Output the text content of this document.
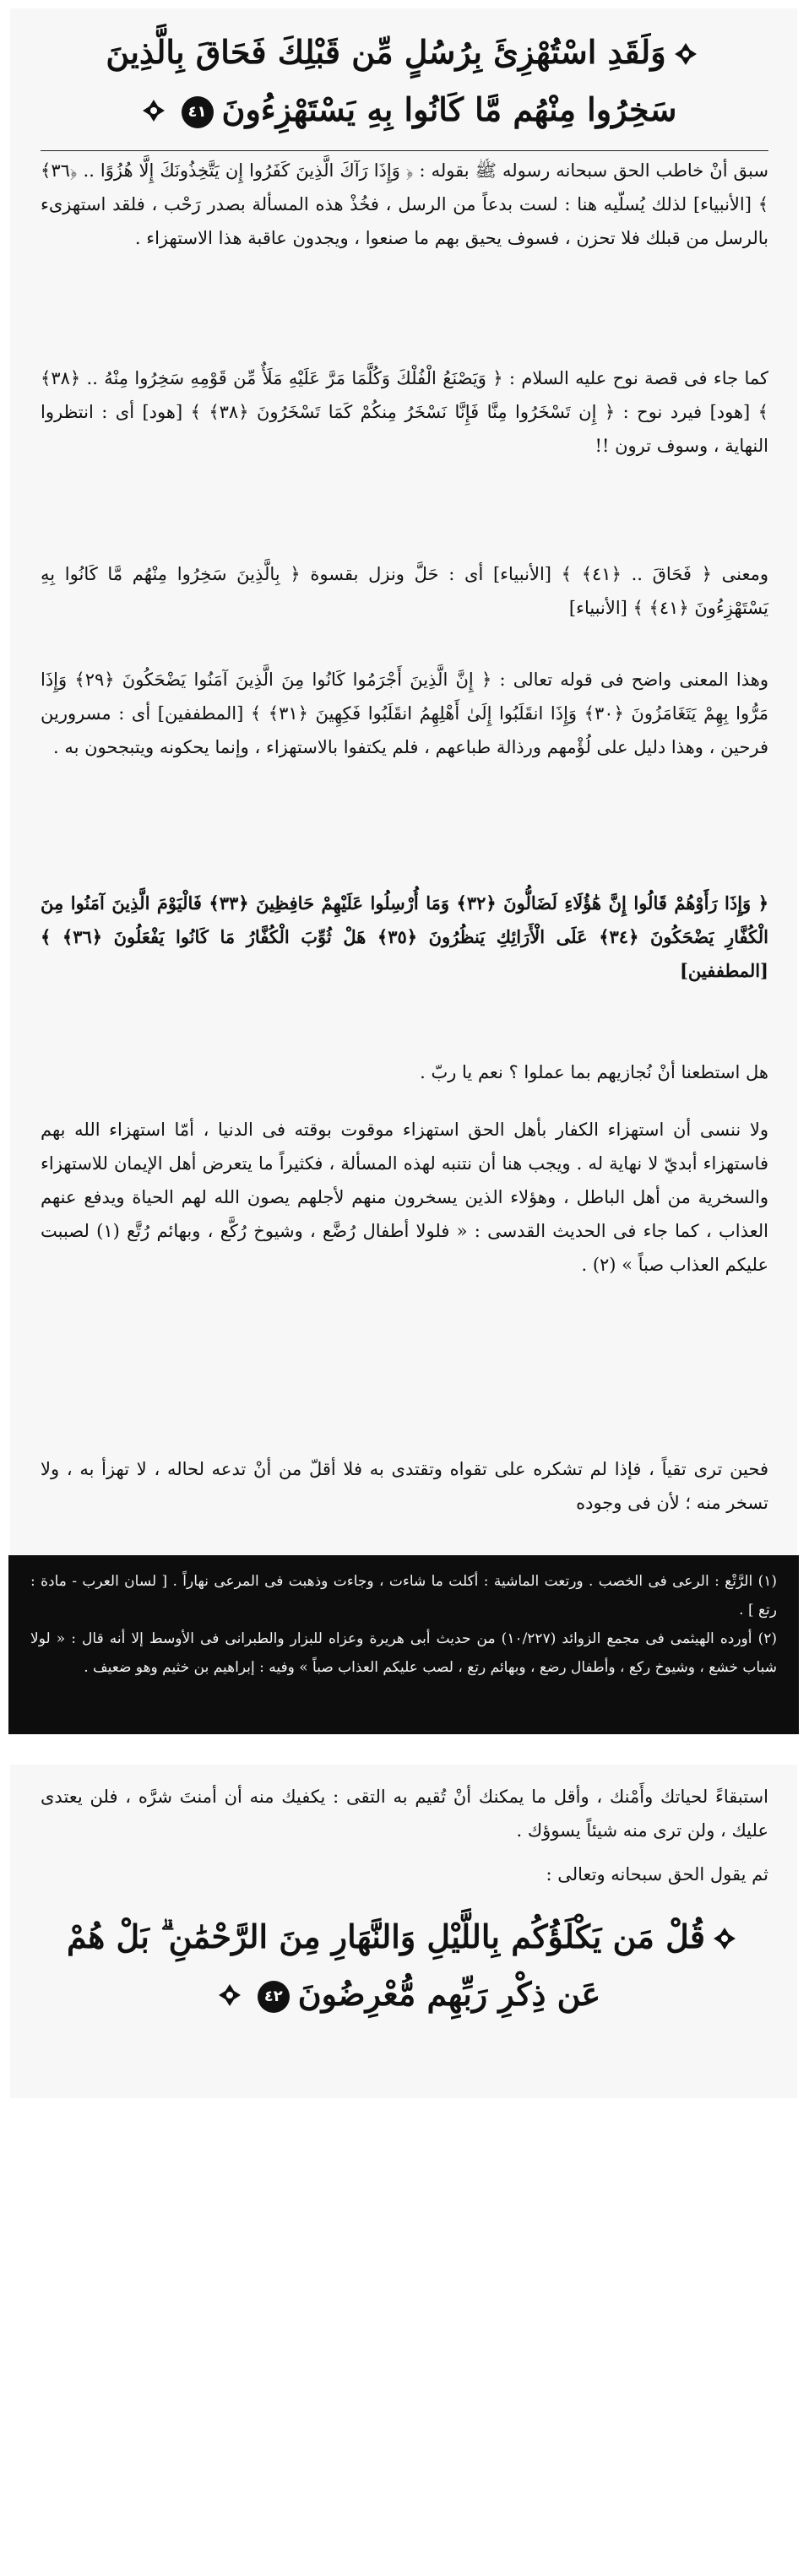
وَلَقَدِ اسْتُهْزِئَ بِرُسُلٍ مِّن قَبْلِكَ فَحَاقَ بِالَّذِينَ
سَخِرُوا مِنْهُم مَّا كَانُوا بِهِ يَسْتَهْزِءُونَ٤١

سبق أنْ خاطب الحق سبحانه رسوله ﷺ بقوله : ﴿ وَإِذَا رَآكَ الَّذِينَ كَفَرُوا إِن يَتَّخِذُونَكَ إِلَّا هُزُوًا .. ﴿٣٦﴾ ﴾ [الأنبياء] لذلك يُسلّيه هنا : لست بدعاً من الرسل ، فخُذْ هذه المسألة بصدر رَحْب ، فلقد استهزىء بالرسل من قبلك فلا تحزن ، فسوف يحيق بهم ما صنعوا ، ويجدون عاقبة هذا الاستهزاء .

كما جاء فى قصة نوح عليه السلام : ﴿ وَيَصْنَعُ الْفُلْكَ وَكُلَّمَا مَرَّ عَلَيْهِ مَلَأٌ مِّن قَوْمِهِ سَخِرُوا مِنْهُ .. ﴿٣٨﴾ ﴾ [هود] فيرد نوح : ﴿ إِن تَسْخَرُوا مِنَّا فَإِنَّا نَسْخَرُ مِنكُمْ كَمَا تَسْخَرُونَ ﴿٣٨﴾ ﴾ [هود] أى : انتظروا النهاية ، وسوف ترون !!

ومعنى ﴿ فَحَاقَ .. ﴿٤١﴾ ﴾ [الأنبياء] أى : حَلَّ ونزل بقسوة ﴿ بِالَّذِينَ سَخِرُوا مِنْهُم مَّا كَانُوا بِهِ يَسْتَهْزِءُونَ ﴿٤١﴾ ﴾ [الأنبياء]

وهذا المعنى واضح فى قوله تعالى : ﴿ إِنَّ الَّذِينَ أَجْرَمُوا كَانُوا مِنَ الَّذِينَ آمَنُوا يَضْحَكُونَ ﴿٢٩﴾ وَإِذَا مَرُّوا بِهِمْ يَتَغَامَزُونَ ﴿٣٠﴾ وَإِذَا انقَلَبُوا إِلَىٰ أَهْلِهِمُ انقَلَبُوا فَكِهِينَ ﴿٣١﴾ ﴾ [المطففين] أى : مسرورين فرحين ، وهذا دليل على لُؤْمهم ورذالة طباعهم ، فلم يكتفوا بالاستهزاء ، وإنما يحكونه ويتبجحون به .

﴿ وَإِذَا رَأَوْهُمْ قَالُوا إِنَّ هَٰؤُلَاءِ لَضَالُّونَ ﴿٣٢﴾ وَمَا أُرْسِلُوا عَلَيْهِمْ حَافِظِينَ ﴿٣٣﴾ فَالْيَوْمَ الَّذِينَ آمَنُوا مِنَ الْكُفَّارِ يَضْحَكُونَ ﴿٣٤﴾ عَلَى الْأَرَائِكِ يَنظُرُونَ ﴿٣٥﴾ هَلْ ثُوِّبَ الْكُفَّارُ مَا كَانُوا يَفْعَلُونَ ﴿٣٦﴾ ﴾ [المطففين]

هل استطعنا أنْ نُجازيهم بما عملوا ؟ نعم يا ربّ .

ولا ننسى أن استهزاء الكفار بأهل الحق استهزاء موقوت بوقته فى الدنيا ، أمّا استهزاء الله بهم فاستهزاء أبديّ لا نهاية له . ويجب هنا أن نتنبه لهذه المسألة ، فكثيراً ما يتعرض أهل الإيمان للاستهزاء والسخرية من أهل الباطل ، وهؤلاء الذين يسخرون منهم لأجلهم يصون الله لهم الحياة ويدفع عنهم العذاب ، كما جاء فى الحديث القدسى : « فلولا أطفال رُضَّع ، وشيوخ رُكَّع ، وبهائم رُتَّع (١) لصببت عليكم العذاب صباً » (٢) .

فحين ترى تقياً ، فإذا لم تشكره على تقواه وتقتدى به فلا أقلّ من أنْ تدعه لحاله ، لا تهزأ به ، ولا تسخر منه ؛ لأن فى وجوده

(١) الرَّتْع : الرعى فى الخصب . ورتعت الماشية : أكلت ما شاءت ، وجاءت وذهبت فى المرعى نهاراً . [ لسان العرب - مادة : رتع ] .

(٢) أورده الهيثمى فى مجمع الزوائد (١٠/٢٢٧) من حديث أبى هريرة وعزاه للبزار والطبرانى فى الأوسط إلا أنه قال : « لولا شباب خشع ، وشيوخ ركع ، وأطفال رضع ، وبهائم رتع ، لصب عليكم العذاب صباً » وفيه : إبراهيم بن خثيم وهو ضعيف .

استبقاءً لحياتك وأَمْنك ، وأقل ما يمكنك أنْ تُقيم به التقى : يكفيك منه أن أمنتَ شرَّه ، فلن يعتدى عليك ، ولن ترى منه شيئاً يسوؤك .

ثم يقول الحق سبحانه وتعالى :

قُلْ مَن يَكْلَؤُكُم بِاللَّيْلِ وَالنَّهَارِ مِنَ الرَّحْمَٰنِ ۗ بَلْ هُمْ
عَن ذِكْرِ رَبِّهِم مُّعْرِضُونَ٤٢
